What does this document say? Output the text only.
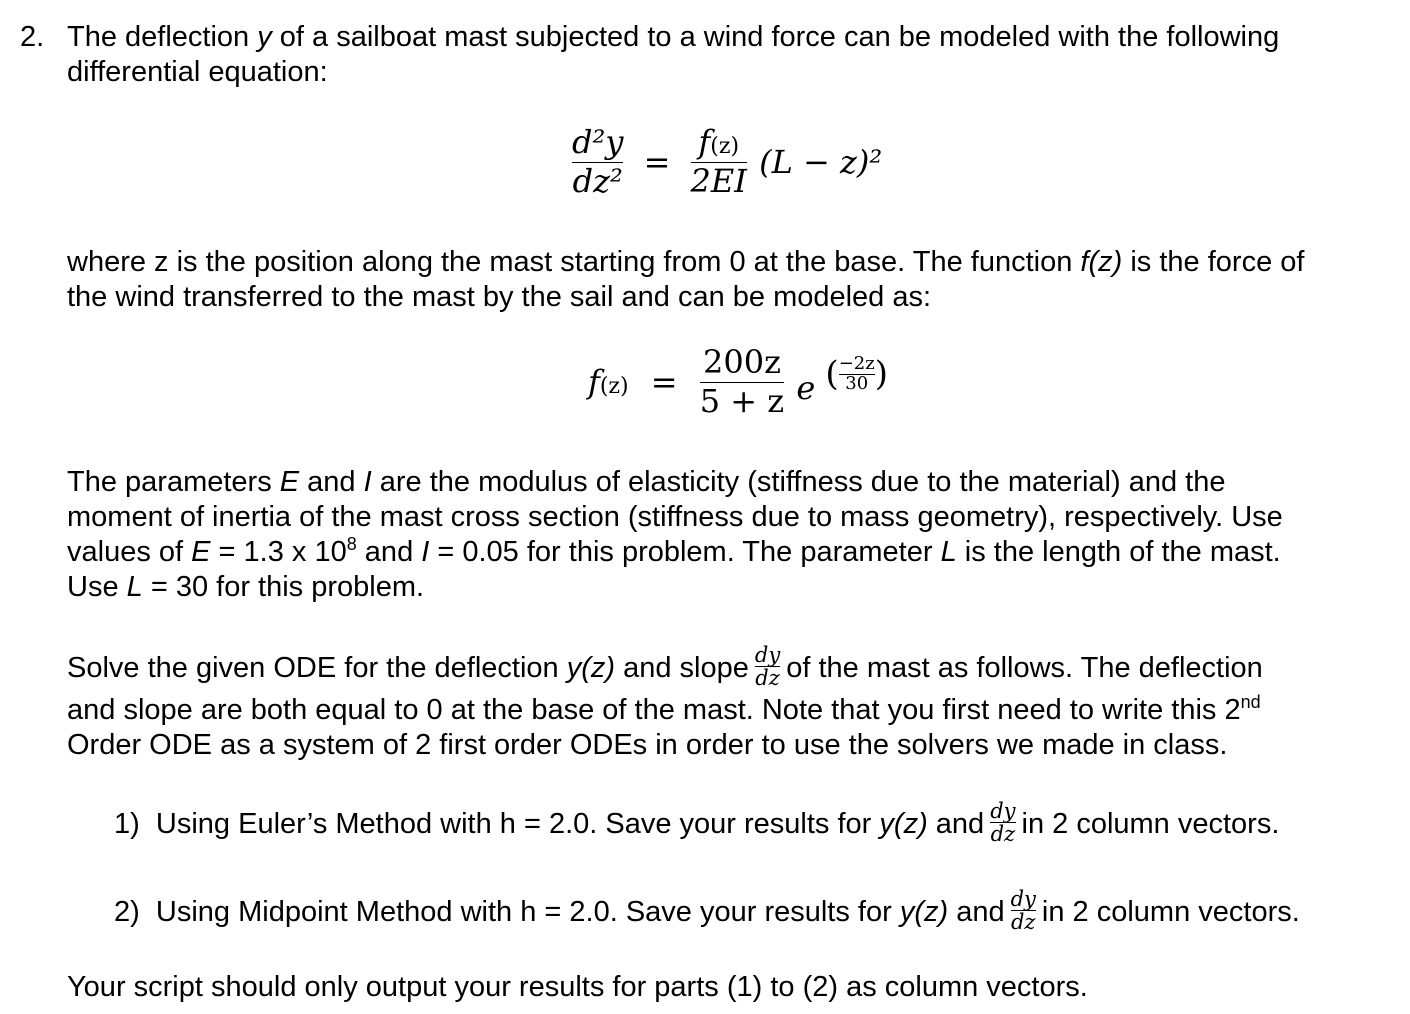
2. The deflection y of a sailboat mast subjected to a wind force can be modeled with the following
differential equation:
$\frac{\text{d²y}}{\text{dz²}} = \frac{f(z)}{2EI} (L - z)^2$
where z is the position along the mast starting from 0 at the base. The function f(z) is the force of
the wind transferred to the mast by the sail and can be modeled as:
$f(z) = \frac{200z}{5 + z}$ e ( $\frac{-2z}{30}$ )
The parameters E and I are the modulus of elasticity (stiffness due to the material) and the
moment of inertia of the mast cross section (stiffness due to mass geometry), respectively. Use
values of E = 1.3 x $10^8$ and I = 0.05 for this problem. The parameter L is the length of the mast.
Use L = 30 for this problem.
Solve the given ODE for the deflection y(z) and slope $\frac{dy}{dz}$ of the mast as follows. The deflection
and slope are both equal to 0 at the base of the mast. Note that you first need to write this 2nd
Order ODE as a system of 2 first order ODEs in order to use the solvers we made in class.
1) Using Euler’s Method with h = 2.0. Save your results for y(z) and $\frac{dy}{dz}$ in 2 column vectors.
2) Using Midpoint Method with h = 2.0. Save your results for y(z) and $\frac{dy}{dz}$ in 2 column vectors.
Your script should only output your results for parts (1) to (2) as column vectors.
